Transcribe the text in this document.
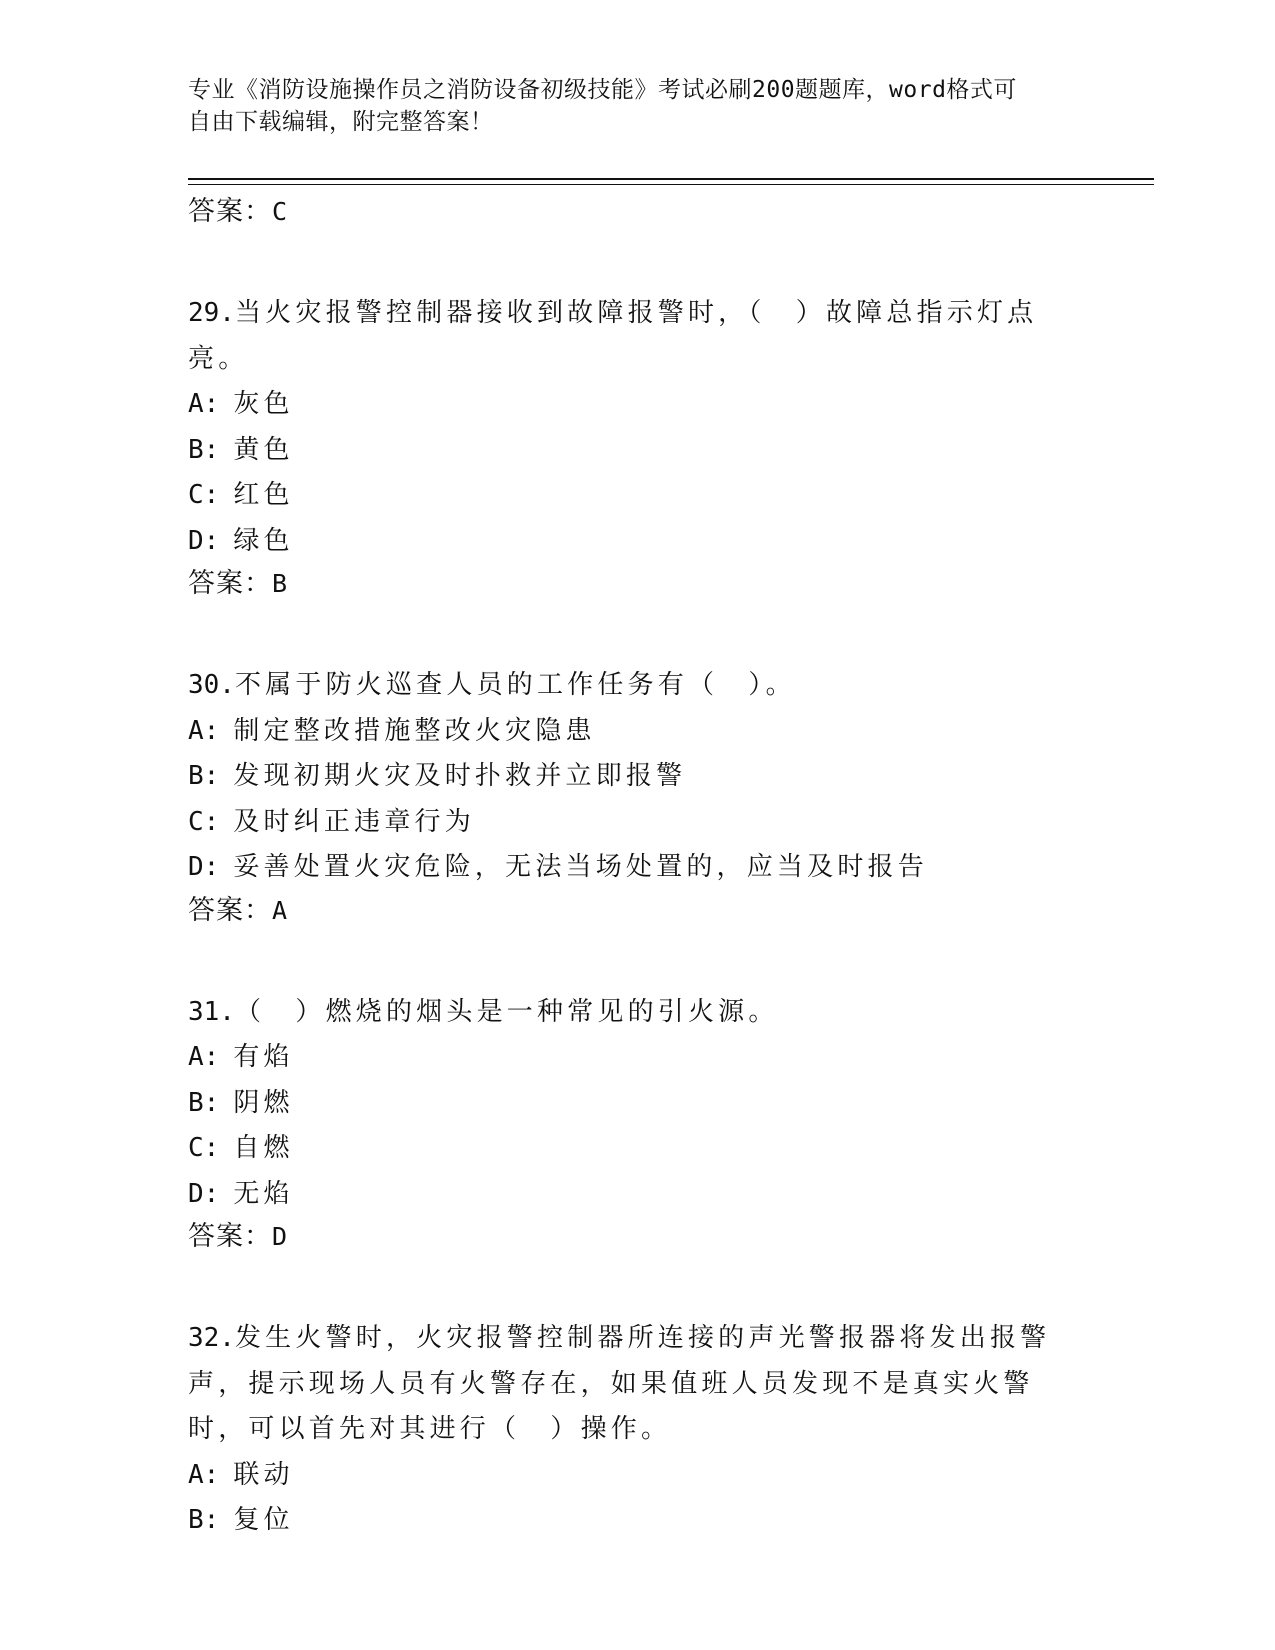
专业《消防设施操作员之消防设备初级技能》考试必刷200题题库，word格式可
自由下载编辑，附完整答案！
答案：C
29.当火灾报警控制器接收到故障报警时，（　）故障总指示灯点亮。
A: 灰色
B: 黄色
C: 红色
D: 绿色
答案：B
30.不属于防火巡查人员的工作任务有（　）。
A: 制定整改措施整改火灾隐患
B: 发现初期火灾及时扑救并立即报警
C: 及时纠正违章行为
D: 妥善处置火灾危险，无法当场处置的，应当及时报告
答案：A
31.（　）燃烧的烟头是一种常见的引火源。
A: 有焰
B: 阴燃
C: 自燃
D: 无焰
答案：D
32.发生火警时，火灾报警控制器所连接的声光警报器将发出报警声，提示现场人员有火警存在，如果值班人员发现不是真实火警时，可以首先对其进行（　）操作。
A: 联动
B: 复位
